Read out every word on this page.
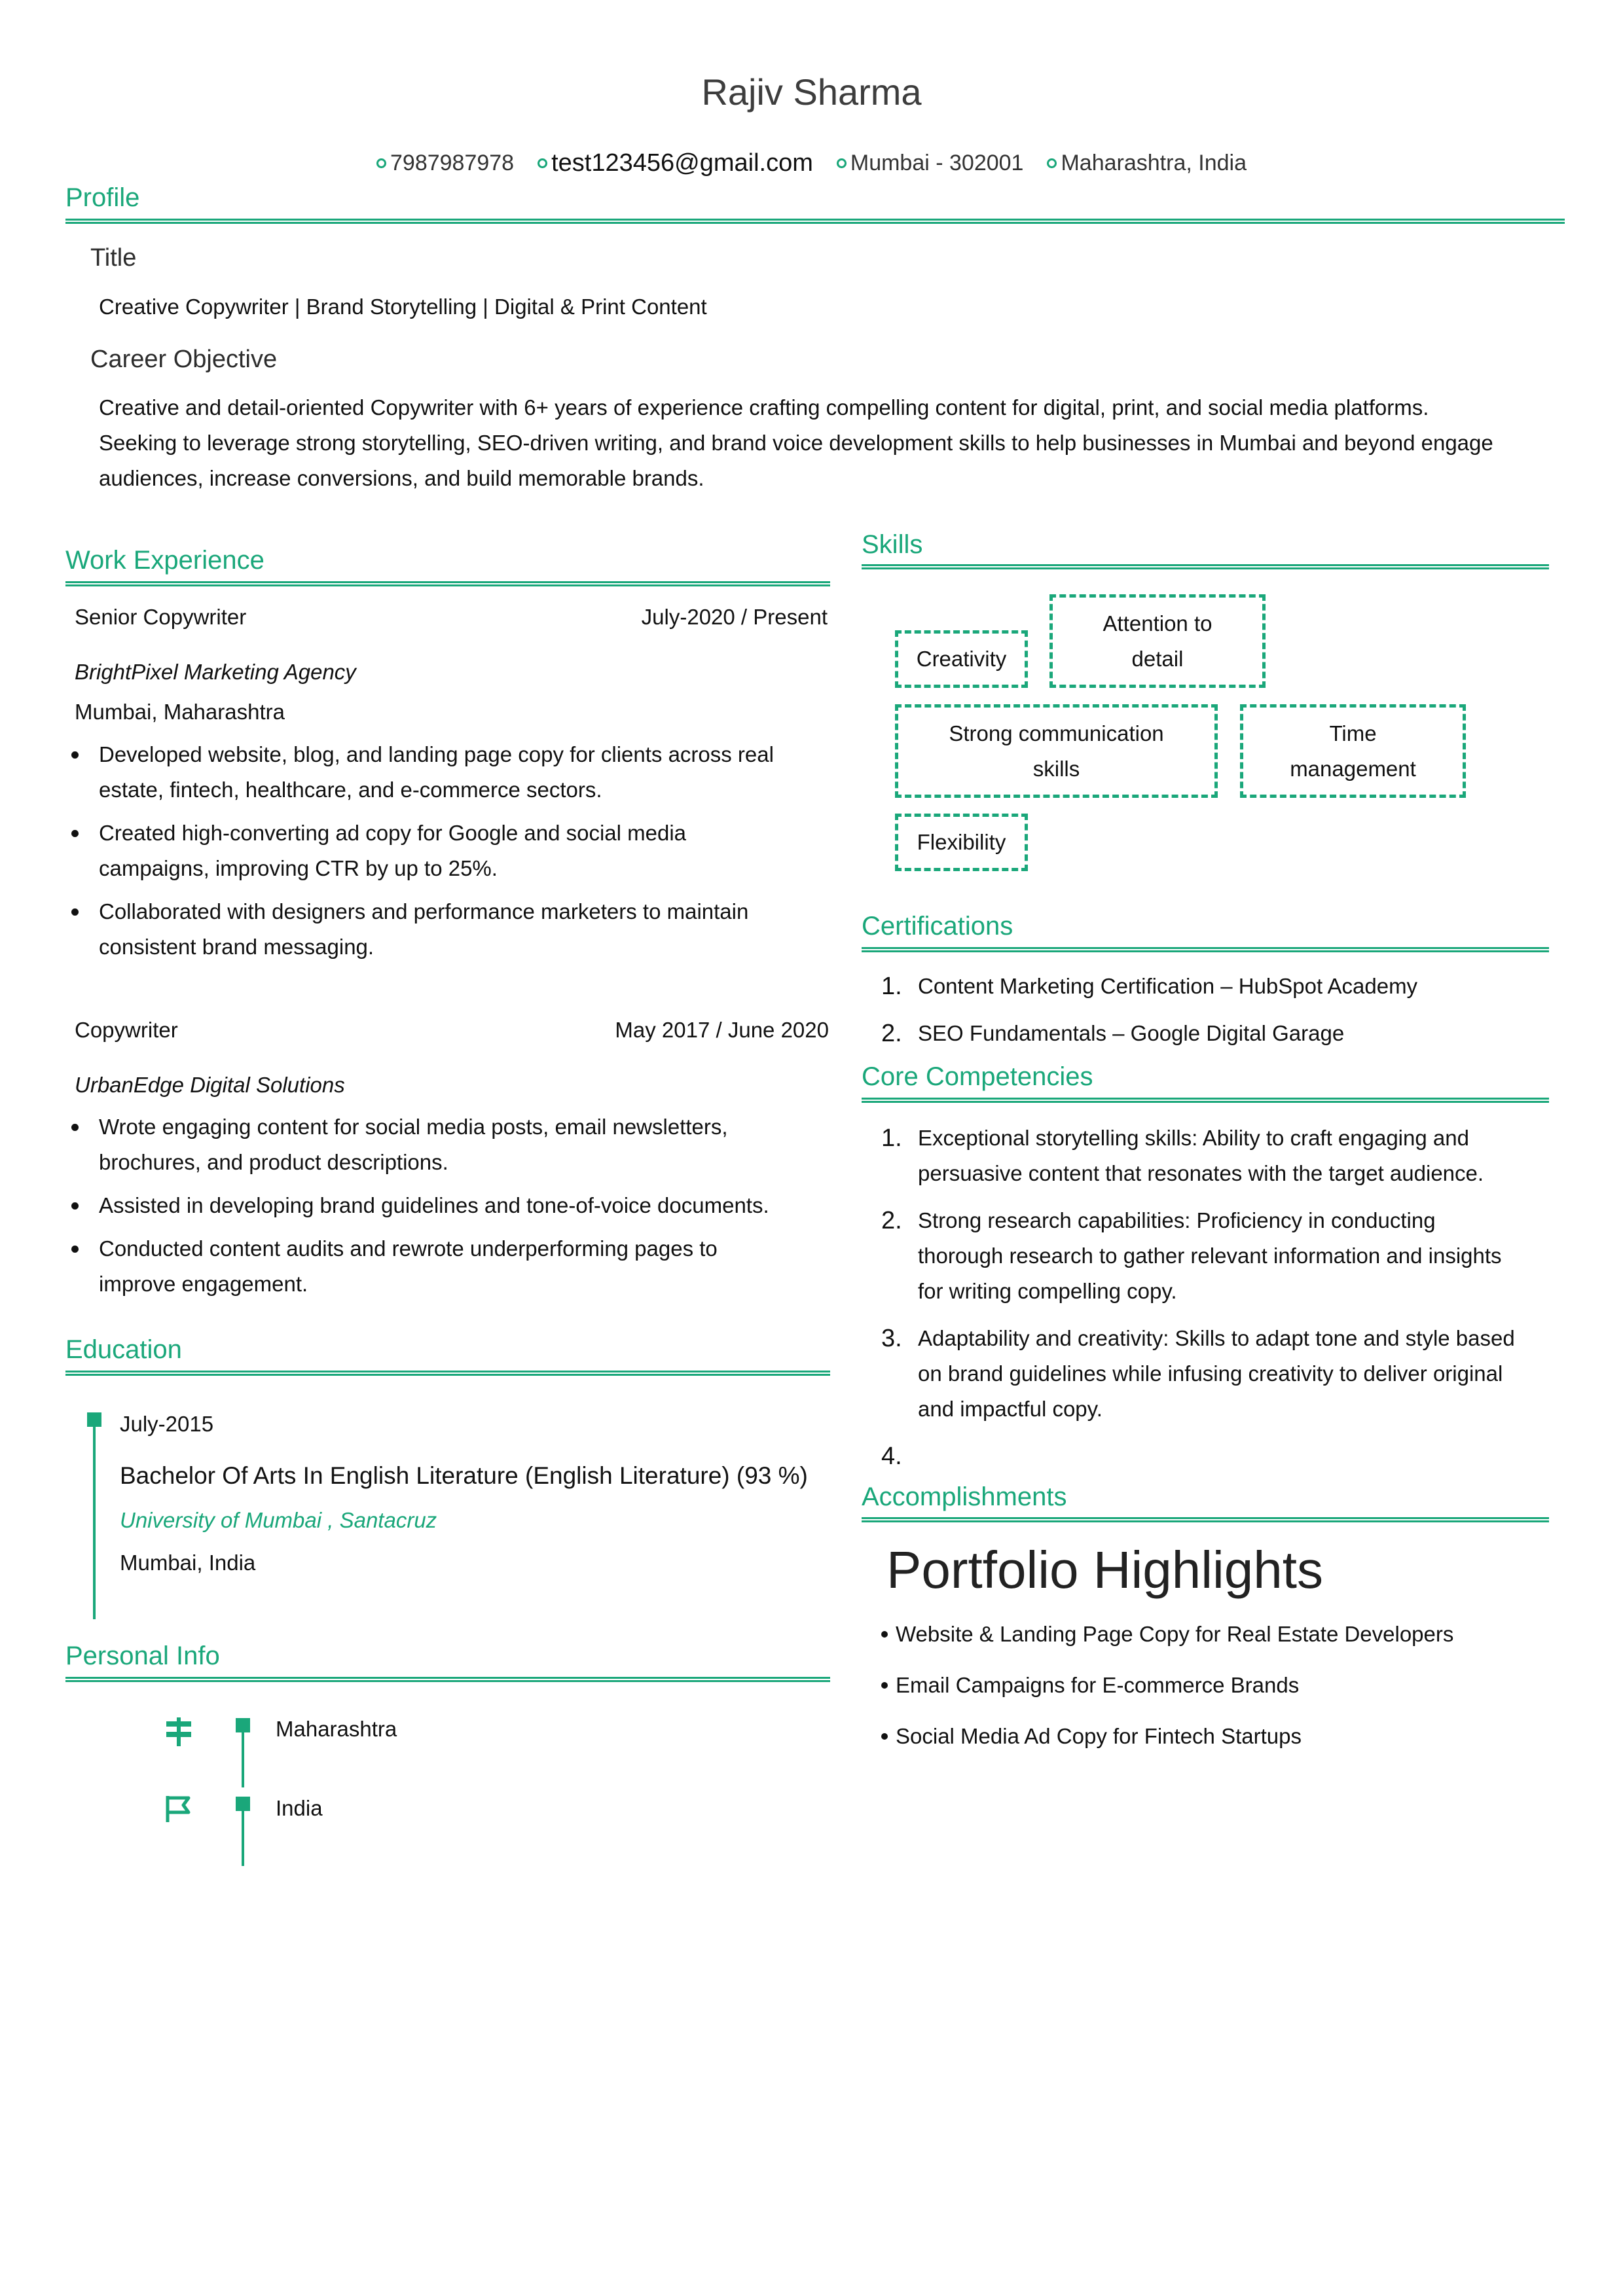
Rajiv Sharma
7987987978 test123456@gmail.com Mumbai - 302001 Maharashtra, India
Profile
Title
Creative Copywriter | Brand Storytelling | Digital & Print Content
Career Objective
Creative and detail-oriented Copywriter with 6+ years of experience crafting compelling content for digital, print, and social media platforms.
Seeking to leverage strong storytelling, SEO-driven writing, and brand voice development skills to help businesses in Mumbai and beyond engage
audiences, increase conversions, and build memorable brands.
Work Experience
Senior Copywriter	July-2020 / Present
BrightPixel Marketing Agency
Mumbai, Maharashtra
Developed website, blog, and landing page copy for clients across real
estate, fintech, healthcare, and e-commerce sectors.
Created high-converting ad copy for Google and social media
campaigns, improving CTR by up to 25%.
Collaborated with designers and performance marketers to maintain
consistent brand messaging.
Copywriter	May 2017 / June 2020
UrbanEdge Digital Solutions
Wrote engaging content for social media posts, email newsletters,
brochures, and product descriptions.
Assisted in developing brand guidelines and tone-of-voice documents.
Conducted content audits and rewrote underperforming pages to
improve engagement.
Education
July-2015
Bachelor Of Arts In English Literature (English Literature) (93 %)
University of Mumbai , Santacruz
Mumbai, India
Personal Info
Maharashtra
India
Skills
Creativity
Attention to
detail
Strong communication
skills
Time
management
Flexibility
Certifications
1. Content Marketing Certification – HubSpot Academy
2. SEO Fundamentals – Google Digital Garage
Core Competencies
1. Exceptional storytelling skills: Ability to craft engaging and
persuasive content that resonates with the target audience.
2. Strong research capabilities: Proficiency in conducting
thorough research to gather relevant information and insights
for writing compelling copy.
3. Adaptability and creativity: Skills to adapt tone and style based
on brand guidelines while infusing creativity to deliver original
and impactful copy.
4.
Accomplishments
Portfolio Highlights
Website & Landing Page Copy for Real Estate Developers
Email Campaigns for E-commerce Brands
Social Media Ad Copy for Fintech Startups
